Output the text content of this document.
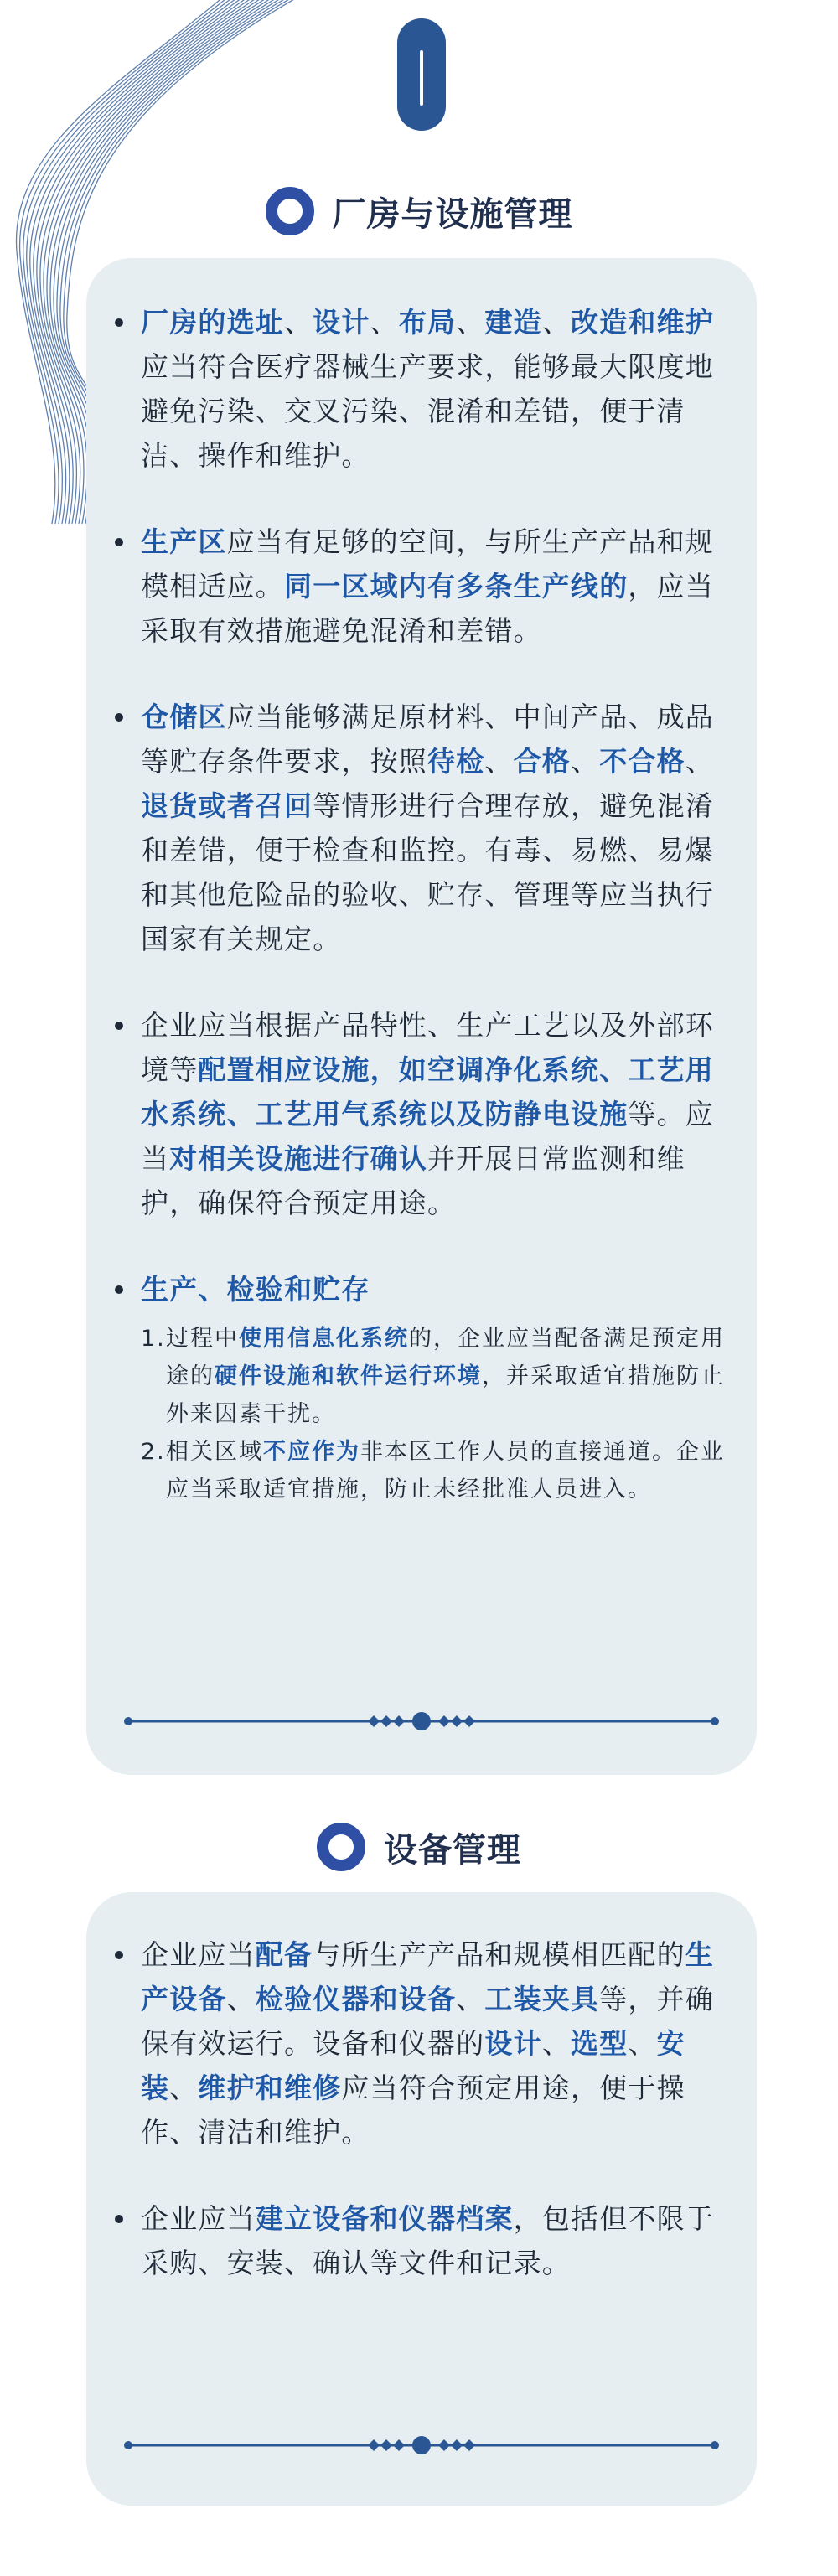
厂房与设施管理

厂房的选址、设计、布局、建造、改造和维护应当符合医疗器械生产要求，能够最大限度地避免污染、交叉污染、混淆和差错，便于清洁、操作和维护。

生产区应当有足够的空间，与所生产产品和规模相适应。同一区域内有多条生产线的，应当采取有效措施避免混淆和差错。

仓储区应当能够满足原材料、中间产品、成品等贮存条件要求，按照待检、合格、不合格、退货或者召回等情形进行合理存放，避免混淆和差错，便于检查和监控。有毒、易燃、易爆和其他危险品的验收、贮存、管理等应当执行国家有关规定。

企业应当根据产品特性、生产工艺以及外部环境等配置相应设施，如空调净化系统、工艺用水系统、工艺用气系统以及防静电设施等。应当对相关设施进行确认并开展日常监测和维护，确保符合预定用途。

生产、检验和贮存

1. 过程中使用信息化系统的，企业应当配备满足预定用途的硬件设施和软件运行环境，并采取适宜措施防止外来因素干扰。
2. 相关区域不应作为非本区工作人员的直接通道。企业应当采取适宜措施，防止未经批准人员进入。
设备管理

企业应当配备与所生产产品和规模相匹配的生产设备、检验仪器和设备、工装夹具等，并确保有效运行。设备和仪器的设计、选型、安装、维护和维修应当符合预定用途，便于操作、清洁和维护。

企业应当建立设备和仪器档案，包括但不限于采购、安装、确认等文件和记录。
